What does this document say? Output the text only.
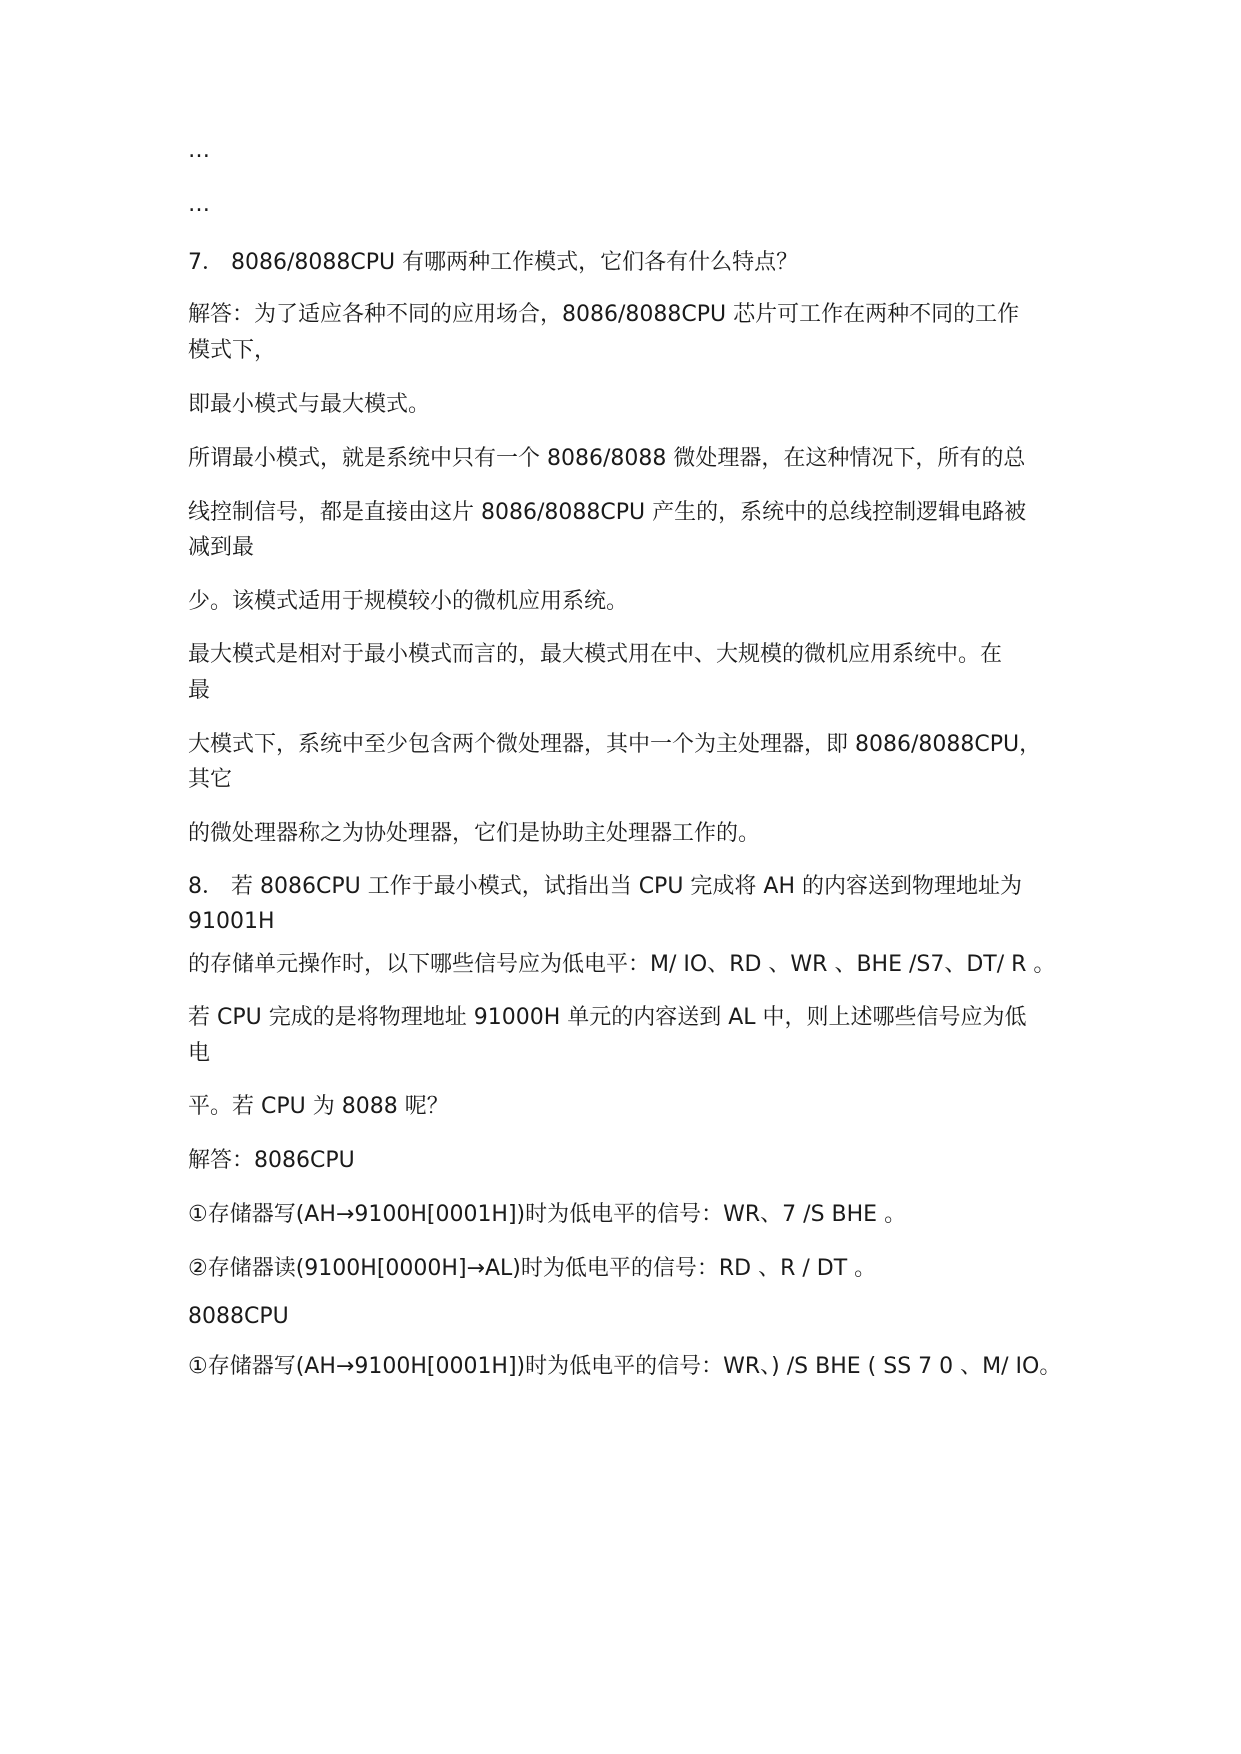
…
…
7． 8086/8088CPU 有哪两种工作模式，它们各有什么特点？
解答：为了适应各种不同的应用场合，8086/8088CPU 芯片可工作在两种不同的工作
模式下，
即最小模式与最大模式。
所谓最小模式，就是系统中只有一个 8086/8088 微处理器，在这种情况下，所有的总
线控制信号，都是直接由这片 8086/8088CPU 产生的，系统中的总线控制逻辑电路被
减到最
少。该模式适用于规模较小的微机应用系统。
最大模式是相对于最小模式而言的，最大模式用在中、大规模的微机应用系统中。在
最
大模式下，系统中至少包含两个微处理器，其中一个为主处理器，即 8086/8088CPU，
其它
的微处理器称之为协处理器，它们是协助主处理器工作的。
8． 若 8086CPU 工作于最小模式，试指出当 CPU 完成将 AH 的内容送到物理地址为
91001H
的存储单元操作时，以下哪些信号应为低电平：M/ IO、RD 、WR 、BHE /S7、DT/ R 。
若 CPU 完成的是将物理地址 91000H 单元的内容送到 AL 中，则上述哪些信号应为低
电
平。若 CPU 为 8088 呢？
解答：8086CPU
①存储器写(AH→9100H[0001H])时为低电平的信号：WR、7 /S BHE 。
②存储器读(9100H[0000H]→AL)时为低电平的信号：RD 、R / DT 。
8088CPU
①存储器写(AH→9100H[0001H])时为低电平的信号：WR、) /S BHE ( SS 7 0 、M/ IO。
